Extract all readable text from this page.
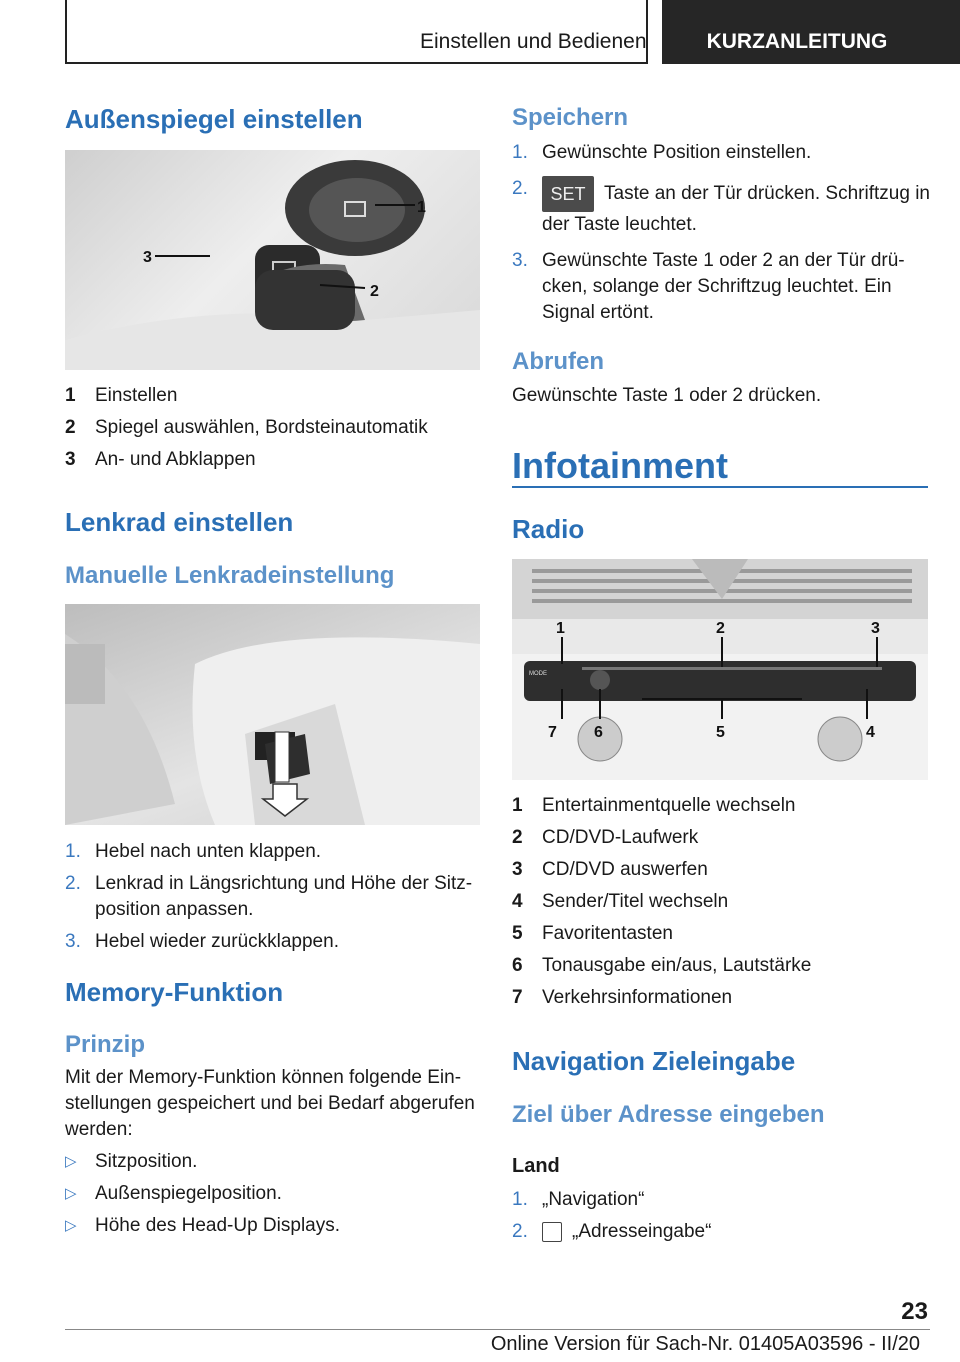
Einstellen und Bedienen	KURZANLEITUNG
Außenspiegel einstellen
1
2
3
1	Einstellen
2	Spiegel auswählen, Bordsteinautomatik
3	An- und Abklappen
Lenkrad einstellen
Manuelle Lenkradeinstellung
1. Hebel nach unten klappen.
2. Lenkrad in Längsrichtung und Höhe der Sitz-position anpassen.
3. Hebel wieder zurückklappen.
Memory-Funktion
Prinzip

Mit der Memory-Funktion können folgende Ein-stellungen gespeichert und bei Bedarf abgerufen werden:

▷ Sitzposition.
▷ Außenspiegelposition.
▷ Höhe des Head-Up Displays.
Speichern
1. Gewünschte Position einstellen.
2.	SET Taste an der Tür drücken. Schriftzug in der Taste leuchtet.
3. Gewünschte Taste 1 oder 2 an der Tür drü-cken, solange der Schriftzug leuchtet. Ein Signal ertönt.
Abrufen

Gewünschte Taste 1 oder 2 drücken.

Infotainment
Radio
MODE
1	2	3
4
5
6
7
1	Entertainmentquelle wechseln
2	CD/DVD-Laufwerk
3	CD/DVD auswerfen
4	Sender/Titel wechseln
5	Favoritentasten
6	Tonausgabe ein/aus, Lautstärke
7	Verkehrsinformationen
Navigation Zieleingabe
Ziel über Adresse eingeben
Land
1. „Navigation“
2.	„Adresseingabe“
23
Online Version für Sach-Nr. 01405A03596 - II/20
